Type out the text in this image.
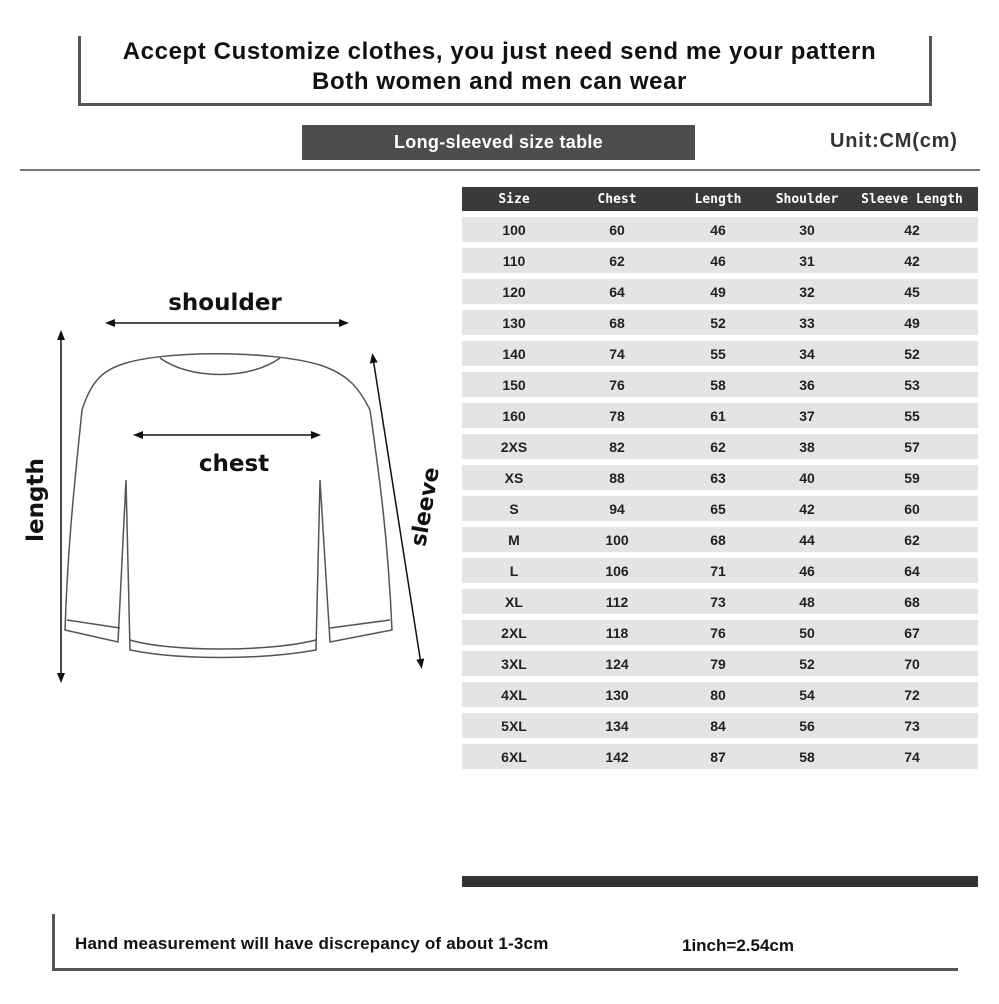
Accept Customize clothes, you just need send me your pattern
Both women and men can wear
Long-sleeved size table	Unit:CM(cm)
shoulder
chest
length	sleeve
Size	Chest	Length	Shoulder	Sleeve Length
100	60	46	30	42
110	62	46	31	42
120	64	49	32	45
130	68	52	33	49
140	74	55	34	52
150	76	58	36	53
160	78	61	37	55
2XS	82	62	38	57
XS	88	63	40	59
S	94	65	42	60
M	100	68	44	62
L	106	71	46	64
XL	112	73	48	68
2XL	118	76	50	67
3XL	124	79	52	70
4XL	130	80	54	72
5XL	134	84	56	73
6XL	142	87	58	74
Hand measurement will have discrepancy of about 1-3cm	1inch=2.54cm
